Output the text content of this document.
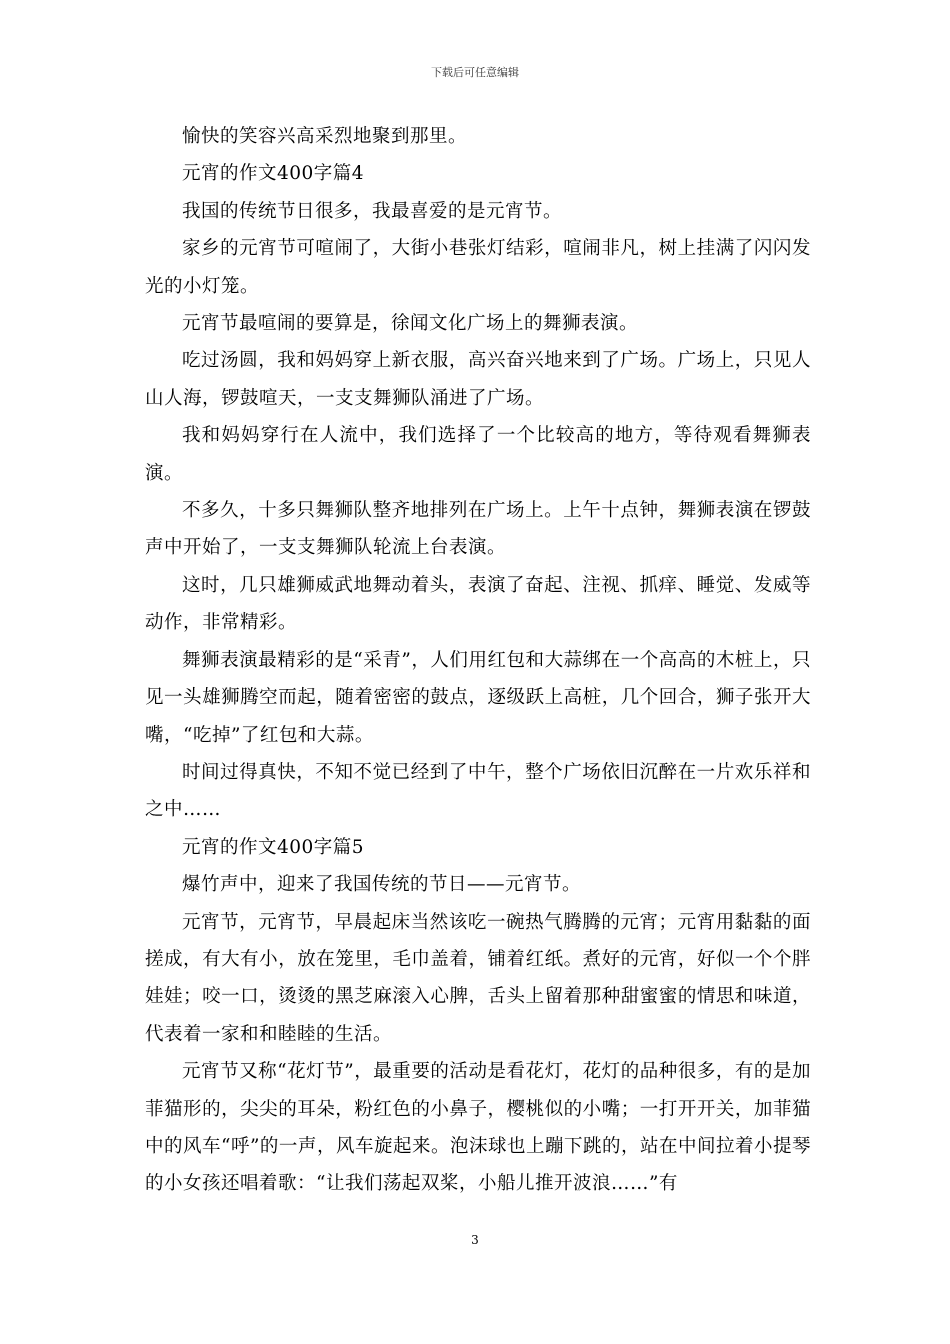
下载后可任意编辑

愉快的笑容兴高采烈地聚到那里。

元宵的作文400字篇4

我国的传统节日很多，我最喜爱的是元宵节。

家乡的元宵节可喧闹了，大街小巷张灯结彩，喧闹非凡，树上挂满了闪闪发光的小灯笼。

元宵节最喧闹的要算是，徐闻文化广场上的舞狮表演。

吃过汤圆，我和妈妈穿上新衣服，高兴奋兴地来到了广场。广场上，只见人山人海，锣鼓喧天，一支支舞狮队涌进了广场。

我和妈妈穿行在人流中，我们选择了一个比较高的地方，等待观看舞狮表演。

不多久，十多只舞狮队整齐地排列在广场上。上午十点钟，舞狮表演在锣鼓声中开始了，一支支舞狮队轮流上台表演。

这时，几只雄狮威武地舞动着头，表演了奋起、注视、抓痒、睡觉、发威等动作，非常精彩。

舞狮表演最精彩的是“采青”，人们用红包和大蒜绑在一个高高的木桩上，只见一头雄狮腾空而起，随着密密的鼓点，逐级跃上高桩，几个回合，狮子张开大嘴，“吃掉”了红包和大蒜。

时间过得真快，不知不觉已经到了中午，整个广场依旧沉醉在一片欢乐祥和之中……

元宵的作文400字篇5

爆竹声中，迎来了我国传统的节日——元宵节。

元宵节，元宵节，早晨起床当然该吃一碗热气腾腾的元宵；元宵用黏黏的面搓成，有大有小，放在笼里，毛巾盖着，铺着红纸。煮好的元宵，好似一个个胖娃娃；咬一口，烫烫的黑芝麻滚入心脾，舌头上留着那种甜蜜蜜的情思和味道，代表着一家和和睦睦的生活。

元宵节又称“花灯节”，最重要的活动是看花灯，花灯的品种很多，有的是加菲猫形的，尖尖的耳朵，粉红色的小鼻子，樱桃似的小嘴；一打开开关，加菲猫中的风车“呼”的一声，风车旋起来。泡沫球也上蹦下跳的，站在中间拉着小提琴的小女孩还唱着歌：“让我们荡起双桨，小船儿推开波浪……”有

3
